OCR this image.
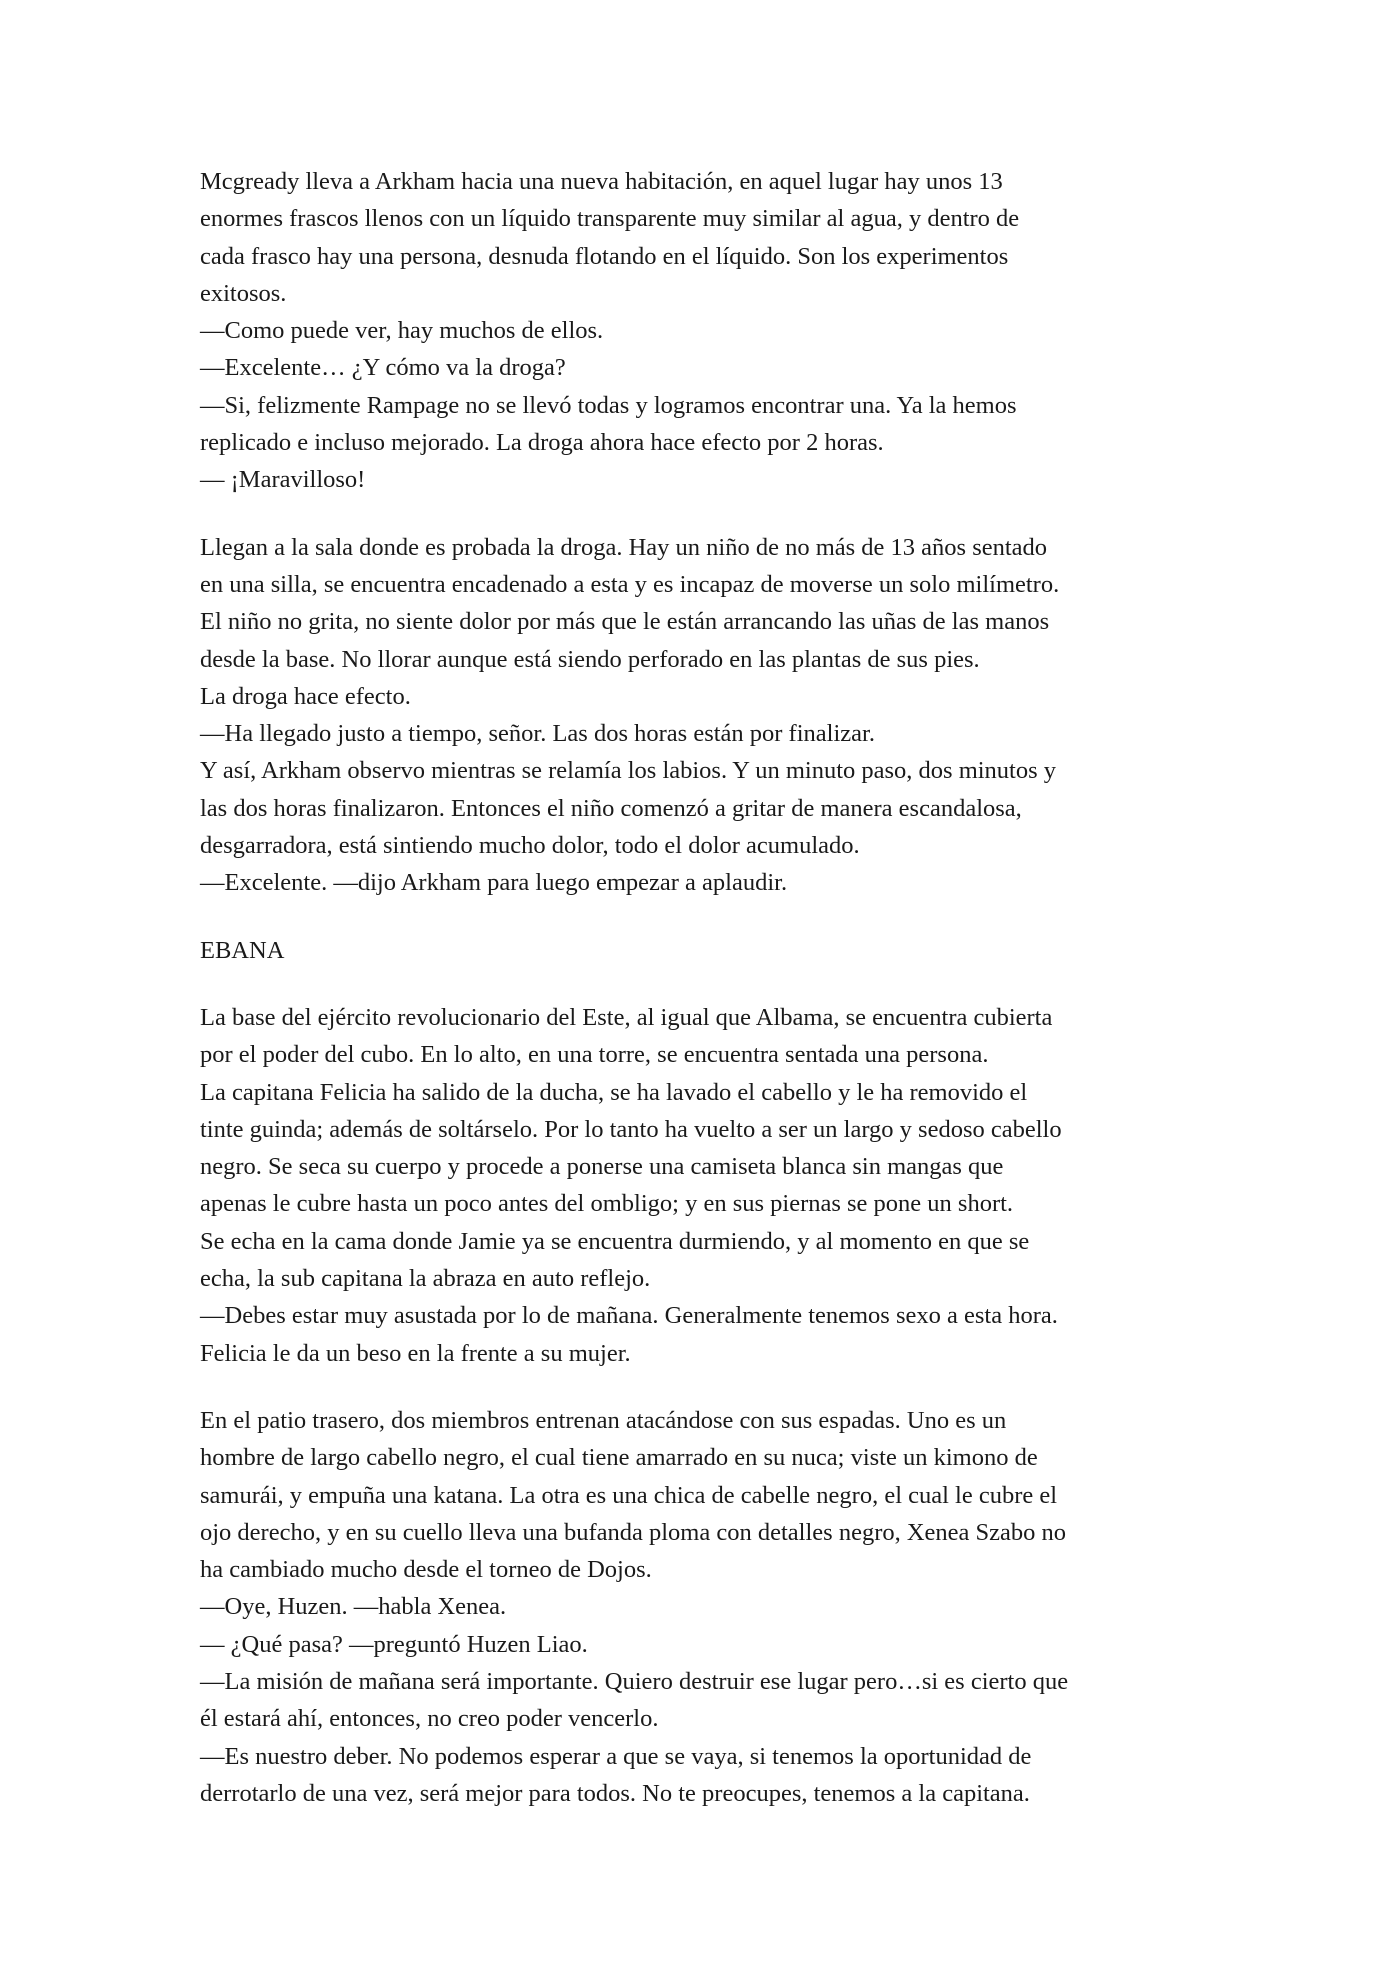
Mcgready lleva a Arkham hacia una nueva habitación, en aquel lugar hay unos 13

enormes frascos llenos con un líquido transparente muy similar al agua, y dentro de

cada frasco hay una persona, desnuda flotando en el líquido. Son los experimentos

exitosos.

—Como puede ver, hay muchos de ellos.

—Excelente… ¿Y cómo va la droga?

—Si, felizmente Rampage no se llevó todas y logramos encontrar una. Ya la hemos

replicado e incluso mejorado. La droga ahora hace efecto por 2 horas.

— ¡Maravilloso!

Llegan a la sala donde es probada la droga. Hay un niño de no más de 13 años sentado

en una silla, se encuentra encadenado a esta y es incapaz de moverse un solo milímetro.

El niño no grita, no siente dolor por más que le están arrancando las uñas de las manos

desde la base. No llorar aunque está siendo perforado en las plantas de sus pies.

La droga hace efecto.

—Ha llegado justo a tiempo, señor. Las dos horas están por finalizar.

Y así, Arkham observo mientras se relamía los labios. Y un minuto paso, dos minutos y

las dos horas finalizaron. Entonces el niño comenzó a gritar de manera escandalosa,

desgarradora, está sintiendo mucho dolor, todo el dolor acumulado.

—Excelente. —dijo Arkham para luego empezar a aplaudir.

EBANA

La base del ejército revolucionario del Este, al igual que Albama, se encuentra cubierta

por el poder del cubo. En lo alto, en una torre, se encuentra sentada una persona.

La capitana Felicia ha salido de la ducha, se ha lavado el cabello y le ha removido el

tinte guinda; además de soltárselo. Por lo tanto ha vuelto a ser un largo y sedoso cabello

negro. Se seca su cuerpo y procede a ponerse una camiseta blanca sin mangas que

apenas le cubre hasta un poco antes del ombligo; y en sus piernas se pone un short.

Se echa en la cama donde Jamie ya se encuentra durmiendo, y al momento en que se

echa, la sub capitana la abraza en auto reflejo.

—Debes estar muy asustada por lo de mañana. Generalmente tenemos sexo a esta hora.

Felicia le da un beso en la frente a su mujer.

En el patio trasero, dos miembros entrenan atacándose con sus espadas. Uno es un

hombre de largo cabello negro, el cual tiene amarrado en su nuca; viste un kimono de

samurái, y empuña una katana. La otra es una chica de cabelle negro, el cual le cubre el

ojo derecho, y en su cuello lleva una bufanda ploma con detalles negro, Xenea Szabo no

ha cambiado mucho desde el torneo de Dojos.

—Oye, Huzen. —habla Xenea.

— ¿Qué pasa? —preguntó Huzen Liao.

—La misión de mañana será importante. Quiero destruir ese lugar pero…si es cierto que

él estará ahí, entonces, no creo poder vencerlo.

—Es nuestro deber. No podemos esperar a que se vaya, si tenemos la oportunidad de

derrotarlo de una vez, será mejor para todos. No te preocupes, tenemos a la capitana.
